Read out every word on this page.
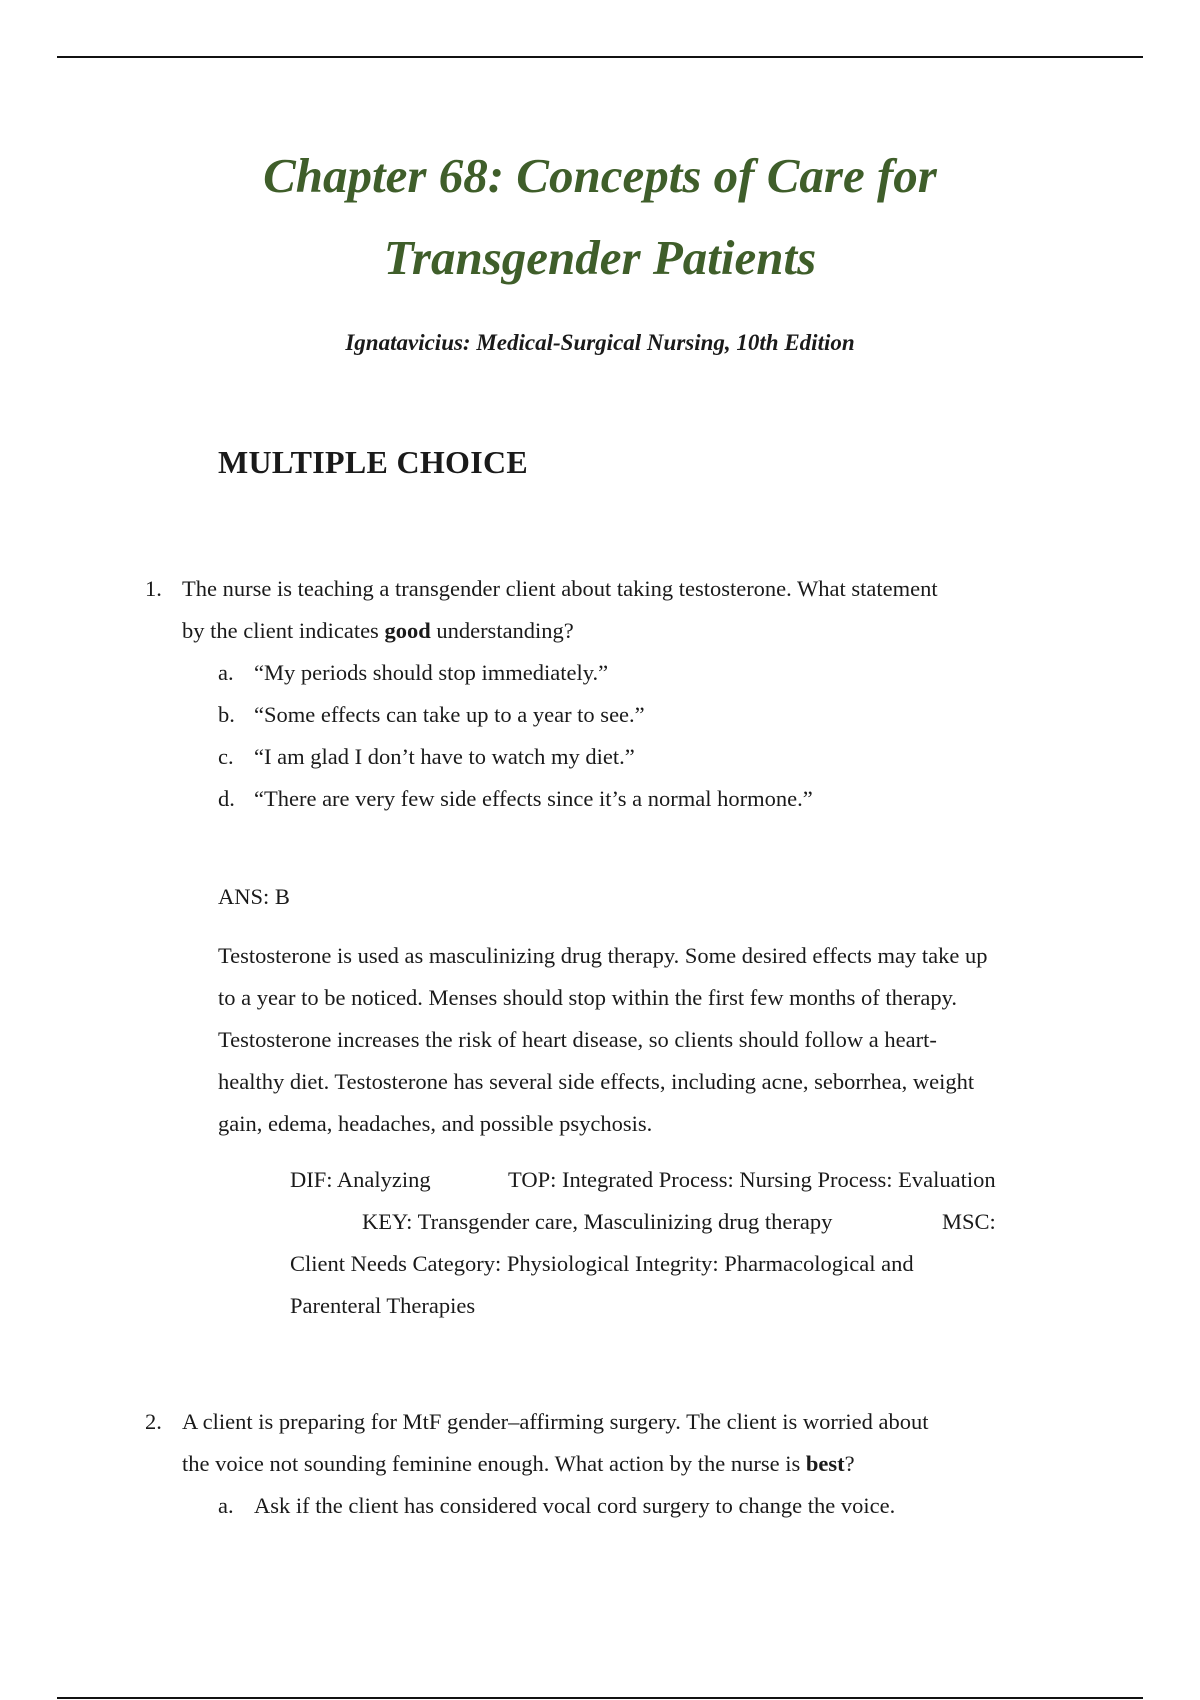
Chapter 68: Concepts of Care for
Transgender Patients
Ignatavicius: Medical-Surgical Nursing, 10th Edition
MULTIPLE CHOICE
1. The nurse is teaching a transgender client about taking testosterone. What statement
by the client indicates good understanding?
a. “My periods should stop immediately.”
b. “Some effects can take up to a year to see.”
c. “I am glad I don’t have to watch my diet.”
d. “There are very few side effects since it’s a normal hormone.”
ANS: B
Testosterone is used as masculinizing drug therapy. Some desired effects may take up
to a year to be noticed. Menses should stop within the first few months of therapy.
Testosterone increases the risk of heart disease, so clients should follow a heart-
healthy diet. Testosterone has several side effects, including acne, seborrhea, weight
gain, edema, headaches, and possible psychosis.
DIF: Analyzing	TOP: Integrated Process: Nursing Process: Evaluation
KEY: Transgender care, Masculinizing drug therapy	MSC:
Client Needs Category: Physiological Integrity: Pharmacological and
Parenteral Therapies
2. A client is preparing for MtF gender–affirming surgery. The client is worried about
the voice not sounding feminine enough. What action by the nurse is best?
a. Ask if the client has considered vocal cord surgery to change the voice.
